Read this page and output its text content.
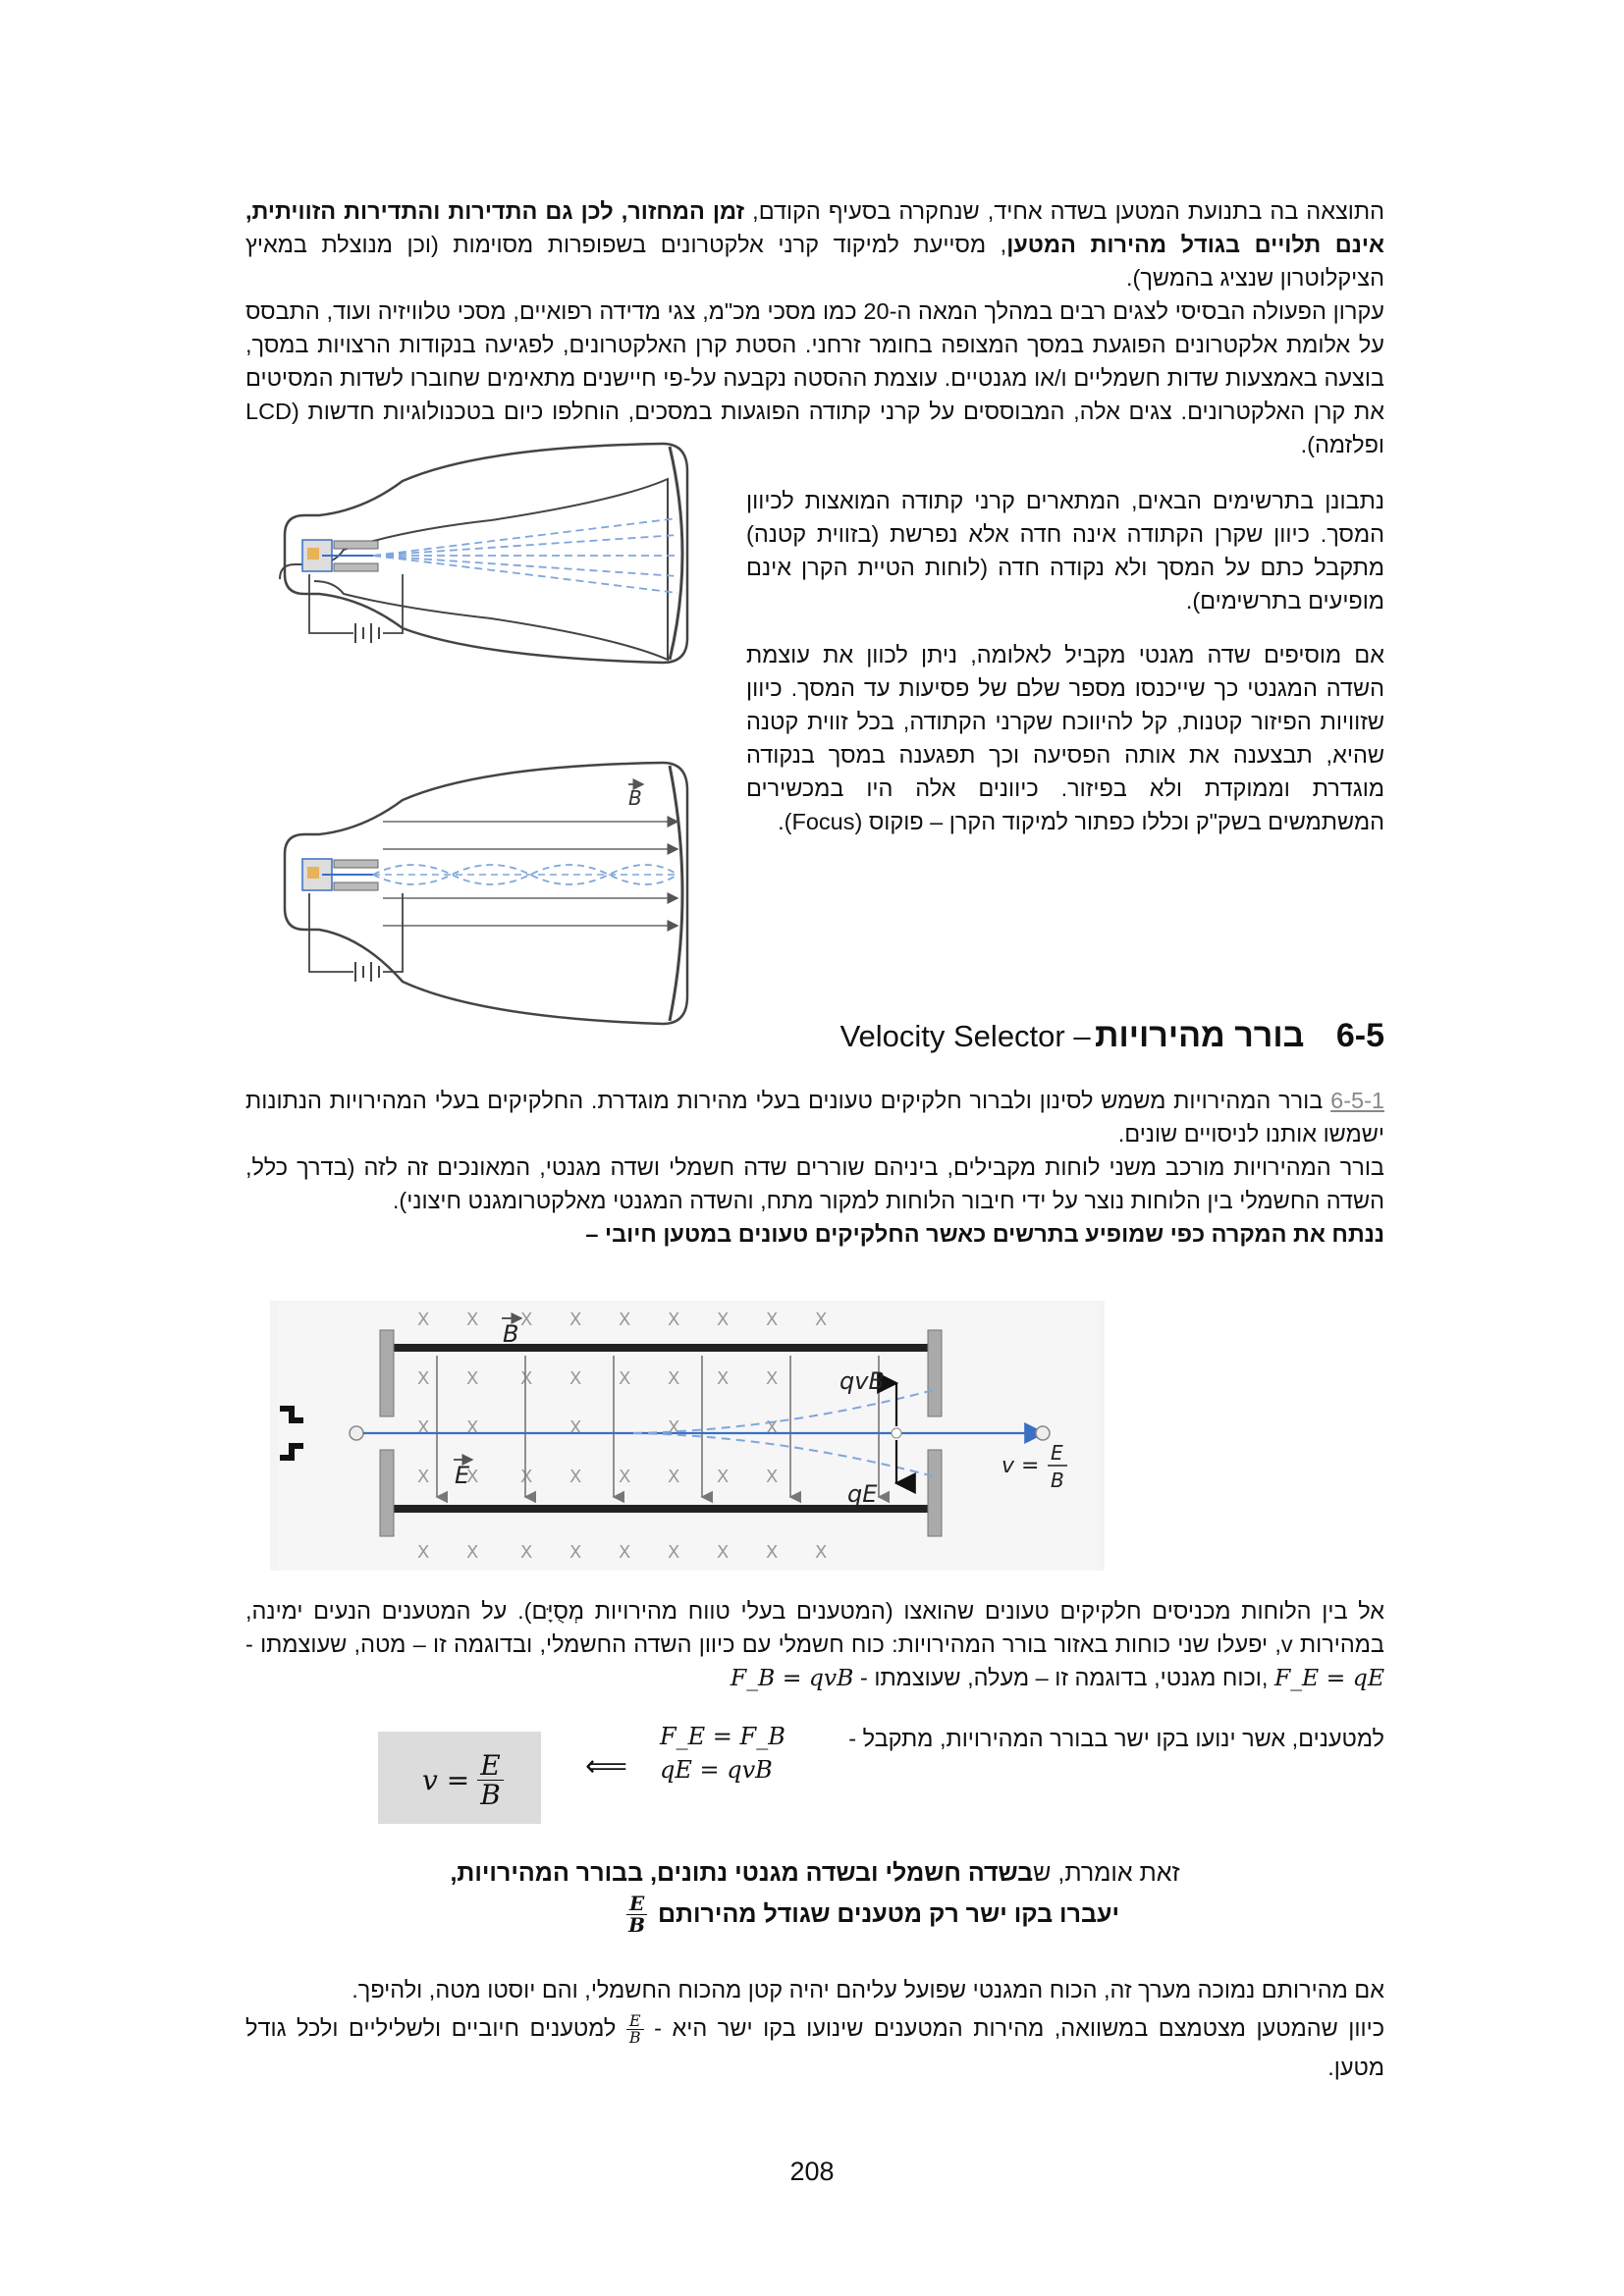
התוצאה בה בתנועת המטען בשדה אחיד, שנחקרה בסעיף הקודם, זמן המחזור, לכן גם התדירות והתדירות הזוויתית, אינם תלויים בגודל מהירות המטען, מסייעת למיקוד קרני אלקטרונים בשפופרות מסוימות (וכן מנוצלת במאיץ הציקלוטרון שנציג בהמשך).

עקרון הפעולה הבסיסי לצגים רבים במהלך המאה ה-20 כמו מסכי מכ"מ, צגי מדידה רפואיים, מסכי טלוויזיה ועוד, התבסס על אלומת אלקטרונים הפוגעת במסך המצופה בחומר זרחני. הסטת קרן האלקטרונים, לפגיעה בנקודות הרצויות במסך, בוצעה באמצעות שדות חשמליים ו/או מגנטיים. עוצמת ההסטה נקבעה על-פי חיישנים מתאימים שחוברו לשדות המסיטים את קרן האלקטרונים. צגים אלה, המבוססים על קרני קתודה הפוגעות במסכים, הוחלפו כיום בטכנולוגיות חדשות (LCD ופלזמה).

נתבונן בתרשימים הבאים, המתארים קרני קתודה המואצות לכיוון המסך. כיוון שקרן הקתודה אינה חדה אלא נפרשת (בזווית קטנה) מתקבל כתם על המסך ולא נקודה חדה (לוחות הטיית הקרן אינם מופיעים בתרשימים).
אם מוסיפים שדה מגנטי מקביל לאלומה, ניתן לכוון את עוצמת השדה המגנטי כך שייכנסו מספר שלם של פסיעות עד המסך. כיוון שזוויות הפיזור קטנות, קל להיווכח שקרני הקתודה, בכל זווית קטנה שהיא, תבצענה את אותה הפסיעה וכך תפגענה במסך בנקודה מוגדרת וממוקדת ולא בפיזור. כיוונים אלה היו במכשירים המשתמשים בשק"ק וכללו כפתור למיקוד הקרן – פוקוס (Focus).
B
6-5 בורר מהירויות – Velocity Selector

6-5-1 בורר המהירויות משמש לסינון ולברור חלקיקים טעונים בעלי מהירות מוגדרת. החלקיקים בעלי המהירויות הנתונות ישמשו אותנו לניסויים שונים.

בורר המהירויות מורכב משני לוחות מקבילים, ביניהם שוררים שדה חשמלי ושדה מגנטי, המאונכים זה לזה (בדרך כלל, השדה החשמלי בין הלוחות נוצר על ידי חיבור הלוחות למקור מתח, והשדה המגנטי מאלקטרומגנט חיצוני).

ננתח את המקרה כפי שמופיע בתרשים כאשר החלקיקים טעונים במטען חיובי –

X X X X X X X X X
X X X X X X X X
X X	X	X	X
X X X X X X X X
X X X X X X X X X
B
E
qvB
qE
v =
E
B
אל בין הלוחות מכניסים חלקיקים טעונים שהואצו (המטענים בעלי טווח מהירויות מְסֻיָּם). על המטענים הנעים ימינה, במהירות v, יפעלו שני כוחות באזור בורר המהירויות: כוח חשמלי עם כיוון השדה החשמלי, ובדוגמה זו – מטה, שעוצמתו - F_E = qE ,וכוח מגנטי, בדוגמה זו – מעלה, שעוצמתו - F_B = qvB
למטענים, אשר ינועו בקו ישר בבורר המהירויות, מתקבל -
F_E = F_B
qE = qvB
⟸
$v = \frac{E}{B}$
זאת אומרת, שבשדה חשמלי ובשדה מגנטי נתונים, בבורר המהירויות,
יעברו בקו ישר רק מטענים שגודל מהירותם
$\frac{E}{B}$
אם מהירותם נמוכה מערך זה, הכוח המגנטי שפועל עליהם יהיה קטן מהכוח החשמלי, והם יוסטו מטה, ולהיפך.
כיוון שהמטען מצטמצם במשוואה, מהירות המטענים שינועו בקו ישר היא -
$\frac{E}{B}$
למטענים חיוביים ולשליליים ולכל גודל מטען.
208
